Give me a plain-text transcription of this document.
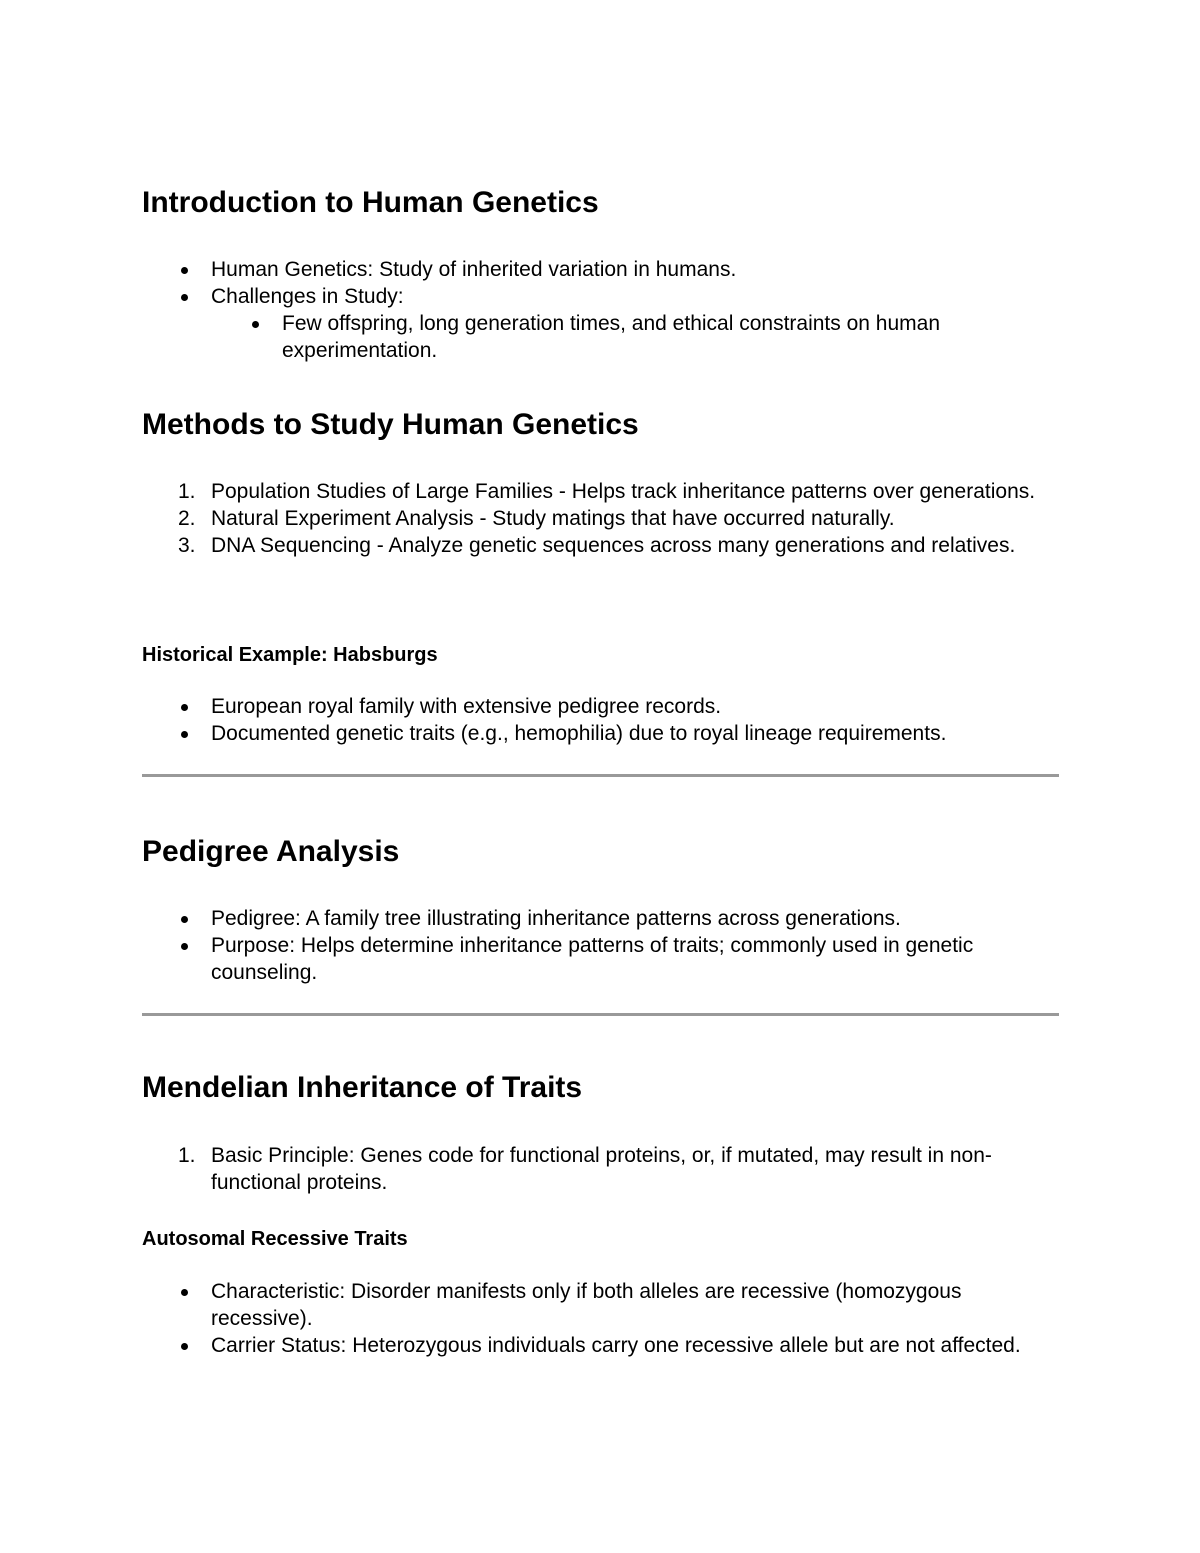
Introduction to Human Genetics
Human Genetics: Study of inherited variation in humans.
Challenges in Study:
Few offspring, long generation times, and ethical constraints on human experimentation.
Methods to Study Human Genetics
1. Population Studies of Large Families - Helps track inheritance patterns over generations.
2. Natural Experiment Analysis - Study matings that have occurred naturally.
3. DNA Sequencing - Analyze genetic sequences across many generations and relatives.
Historical Example: Habsburgs
European royal family with extensive pedigree records.
Documented genetic traits (e.g., hemophilia) due to royal lineage requirements.
Pedigree Analysis
Pedigree: A family tree illustrating inheritance patterns across generations.
Purpose: Helps determine inheritance patterns of traits; commonly used in genetic counseling.
Mendelian Inheritance of Traits
1. Basic Principle: Genes code for functional proteins, or, if mutated, may result in non-functional proteins.
Autosomal Recessive Traits
Characteristic: Disorder manifests only if both alleles are recessive (homozygous recessive).
Carrier Status: Heterozygous individuals carry one recessive allele but are not affected.
